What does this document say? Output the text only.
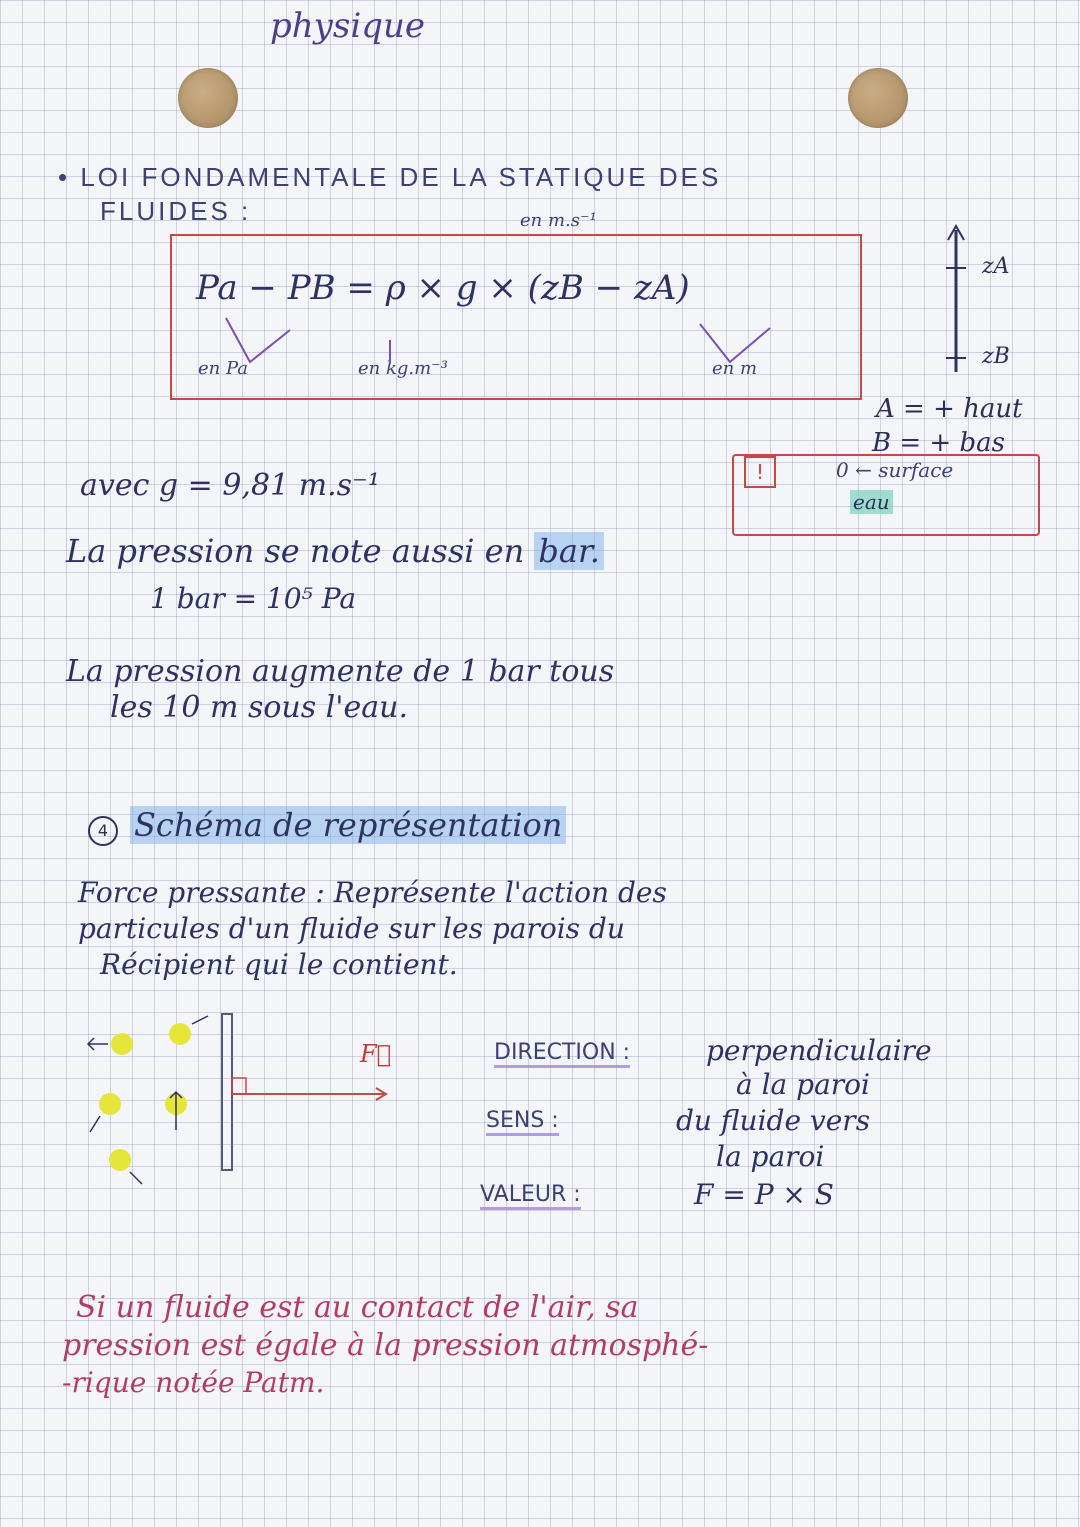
physique
• LOI FONDAMENTALE DE LA STATIQUE DES
FLUIDES :	en m.s⁻¹
Pa − PB = ρ × g × (zB − zA)
en Pa	en kg.m⁻³	en m
zA
zB
A = + haut
B = + bas
!	0 ← surface
eau
avec g = 9,81 m.s⁻¹
La pression se note aussi en bar.
1 bar = 10⁵ Pa
La pression augmente de 1 bar tous
les 10 m sous l'eau.
4 Schéma de représentation
Force pressante : Représente l'action des
particules d'un fluide sur les parois du
Récipient qui le contient.
F⃗	DIRECTION :	perpendiculaire
à la paroi
SENS :	du fluide vers
la paroi
VALEUR :	F = P × S
Si un fluide est au contact de l'air, sa
pression est égale à la pression atmosphé-
-rique notée Patm.
